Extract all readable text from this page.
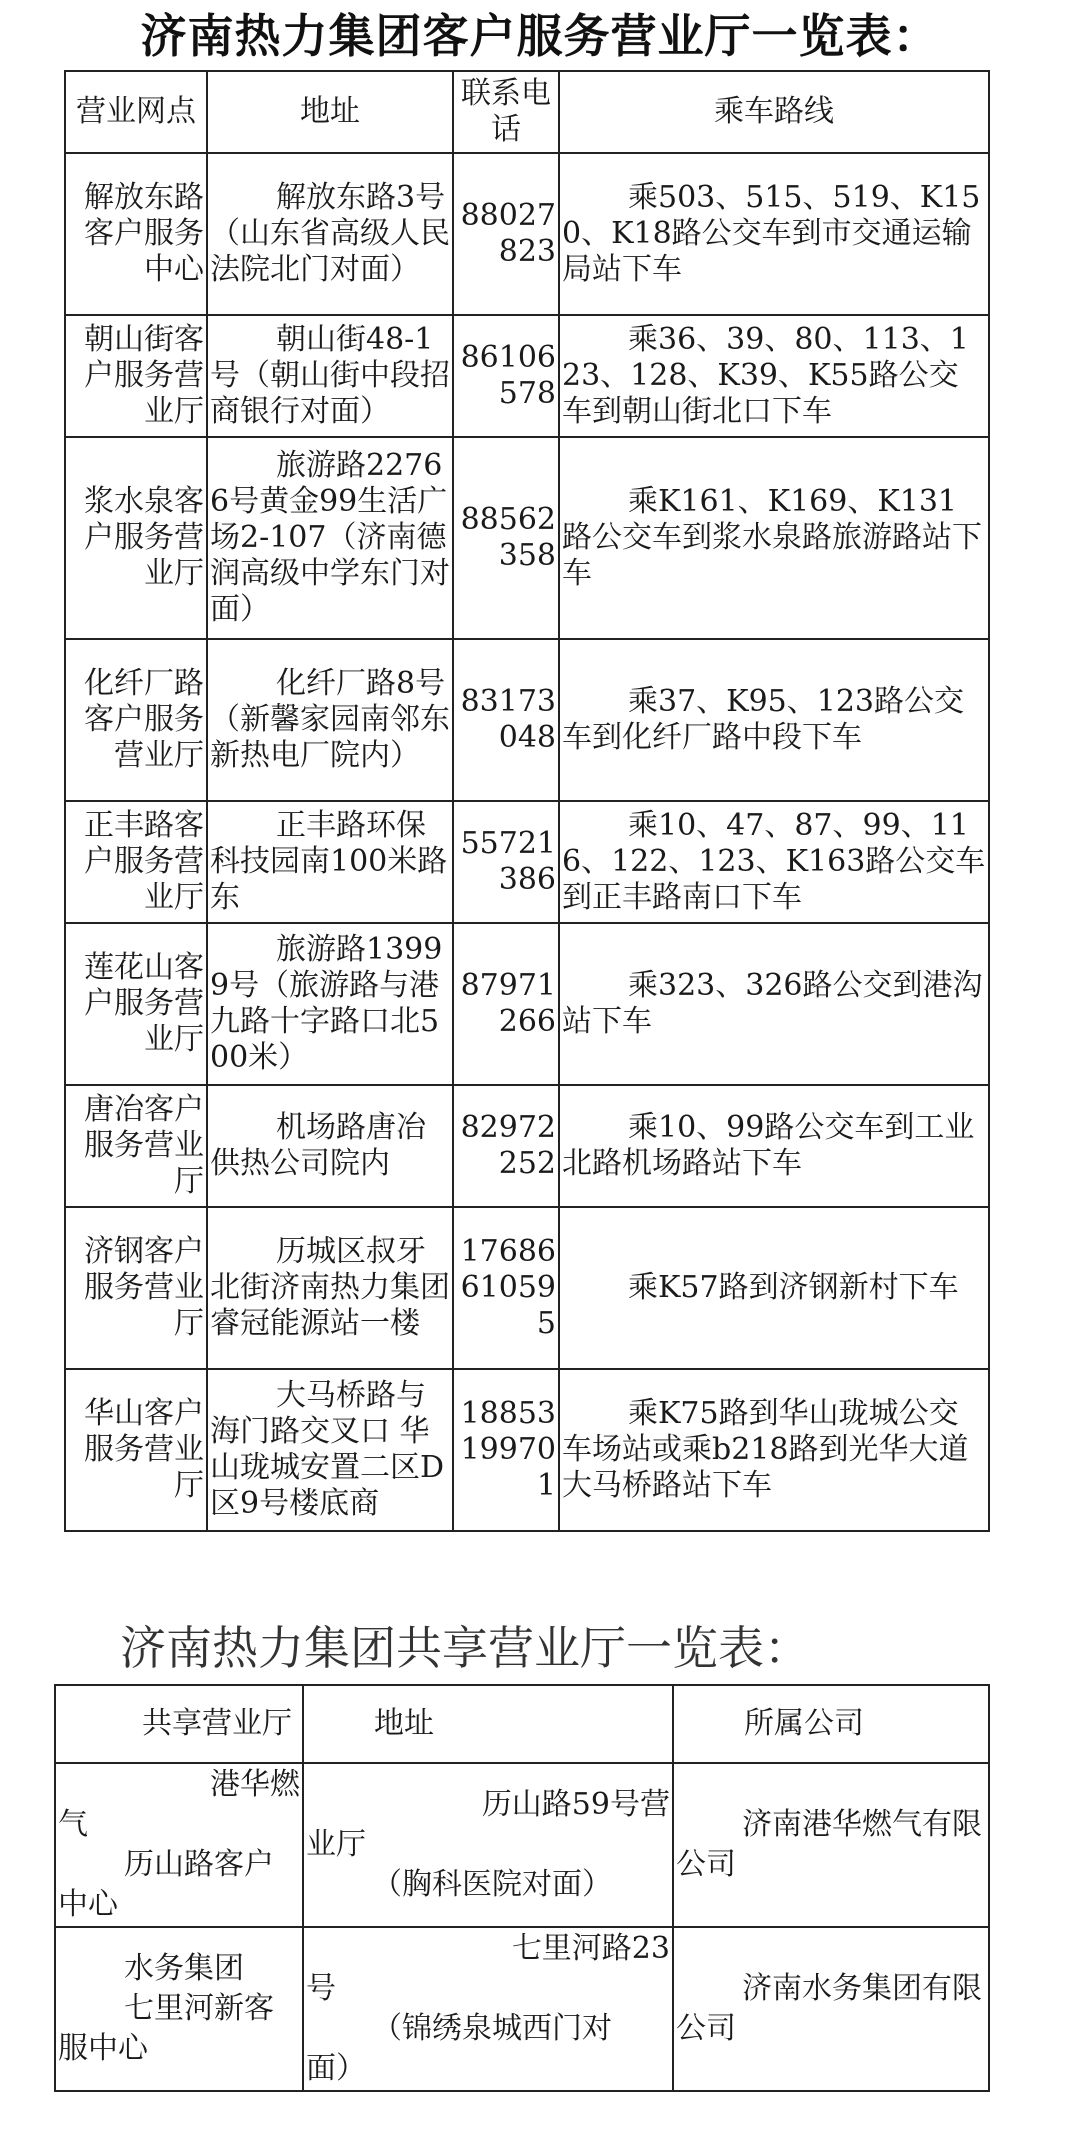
济南热力集团客户服务营业厅一览表：
营业网点	地址	联系电话	乘车路线
解放东路客户服务中心	解放东路3号（山东省高级人民法院北门对面）	88027823	乘503、515、519、K150、K18路公交车到市交通运输局站下车
朝山街客户服务营业厅	朝山街48-1号（朝山街中段招商银行对面）	86106578	乘36、39、80、113、123、128、K39、K55路公交车到朝山街北口下车
浆水泉客户服务营业厅	旅游路22766号黄金99生活广场2-107（济南德润高级中学东门对面）	88562358	乘K161、K169、K131路公交车到浆水泉路旅游路站下车
化纤厂路客户服务营业厅	化纤厂路8号（新馨家园南邻东新热电厂院内）	83173048	乘37、K95、123路公交车到化纤厂路中段下车
正丰路客户服务营业厅	正丰路环保科技园南100米路东	55721386	乘10、47、87、99、116、122、123、K163路公交车到正丰路南口下车
莲花山客户服务营业厅	旅游路13999号（旅游路与港九路十字路口北500米）	87971266	乘323、326路公交到港沟站下车
唐冶客户服务营业厅	机场路唐冶供热公司院内	82972252	乘10、99路公交车到工业北路机场路站下车
济钢客户服务营业厅	历城区叔牙北街济南热力集团睿冠能源站一楼	17686610595	乘K57路到济钢新村下车
华山客户服务营业厅	大马桥路与海门路交叉口 华山珑城安置二区D区9号楼底商	18853199701	乘K75路到华山珑城公交车场站或乘b218路到光华大道大马桥路站下车
济南热力集团共享营业厅一览表：
共享营业厅	地址	所属公司

港华燃
气
历山路客户
中心	历山路59号营
业厅
（胸科医院对面）	济南港华燃气有限公司

水务集团
七里河新客
服中心	七里河路23
号
（锦绣泉城西门对
面）	济南水务集团有限公司
